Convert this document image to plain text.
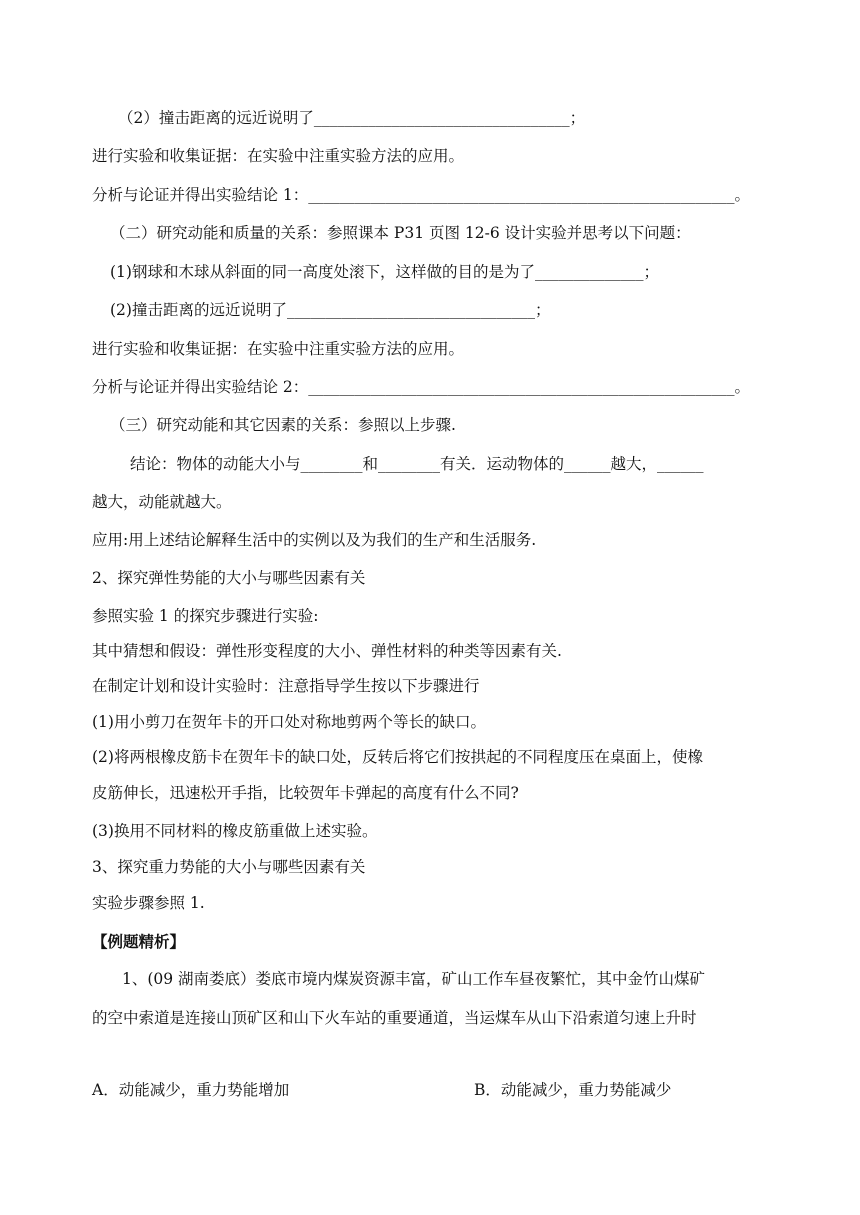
（2）撞击距离的远近说明了_________________________________；
进行实验和收集证据：在实验中注重实验方法的应用。
分析与论证并得出实验结论 1：_______________________________________________________。
（二）研究动能和质量的关系：参照课本 P31 页图 12-6 设计实验并思考以下问题：
(1)钢球和木球从斜面的同一高度处滚下，这样做的目的是为了______________；
(2)撞击距离的远近说明了________________________________；
进行实验和收集证据：在实验中注重实验方法的应用。
分析与论证并得出实验结论 2：_______________________________________________________。
（三）研究动能和其它因素的关系：参照以上步骤.
结论：物体的动能大小与________和________有关．运动物体的______越大，______
越大，动能就越大。
应用:用上述结论解释生活中的实例以及为我们的生产和生活服务.
2、探究弹性势能的大小与哪些因素有关
参照实验 1 的探究步骤进行实验:
其中猜想和假设：弹性形变程度的大小、弹性材料的种类等因素有关.
在制定计划和设计实验时：注意指导学生按以下步骤进行
(1)用小剪刀在贺年卡的开口处对称地剪两个等长的缺口。
(2)将两根橡皮筋卡在贺年卡的缺口处，反转后将它们按拱起的不同程度压在桌面上，使橡
皮筋伸长，迅速松开手指，比较贺年卡弹起的高度有什么不同?
(3)换用不同材料的橡皮筋重做上述实验。
3、探究重力势能的大小与哪些因素有关
实验步骤参照 1.
【例题精析】
1、(09 湖南娄底）娄底市境内煤炭资源丰富，矿山工作车昼夜繁忙，其中金竹山煤矿
的空中索道是连接山顶矿区和山下火车站的重要通道，当运煤车从山下沿索道匀速上升时
A．动能减少，重力势能增加	B．动能减少，重力势能减少
